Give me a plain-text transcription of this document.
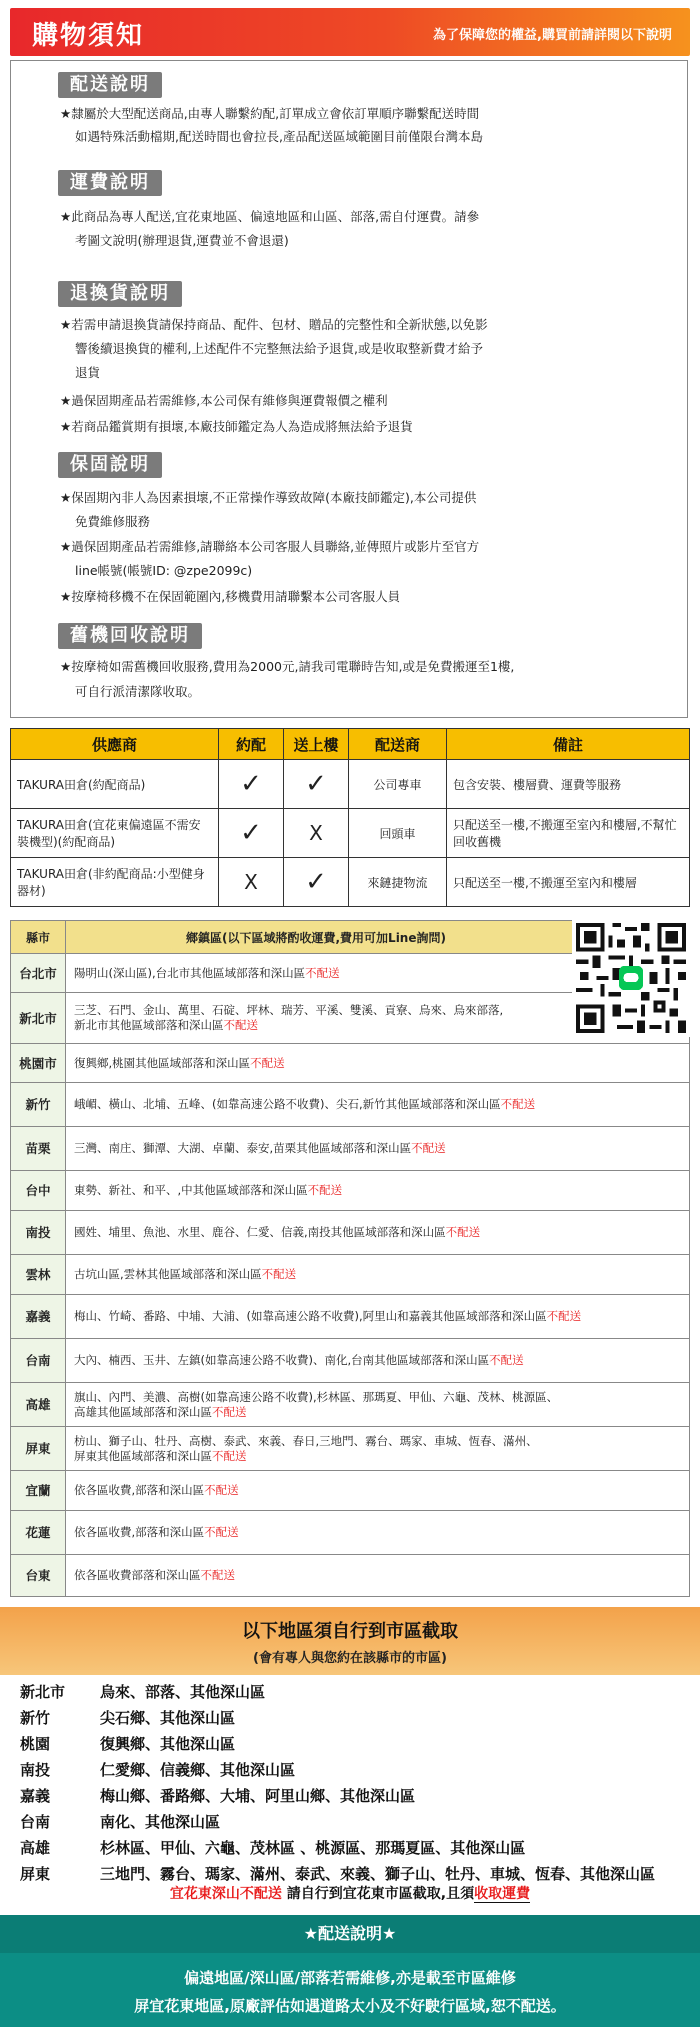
購物須知	為了保障您的權益,購買前請詳閱以下說明
配送說明
★隸屬於大型配送商品,由專人聯繫約配,訂單成立會依訂單順序聯繫配送時間
如遇特殊活動檔期,配送時間也會拉長,產品配送區域範圍目前僅限台灣本島
運費說明
★此商品為專人配送,宜花東地區、偏遠地區和山區、部落,需自付運費。請參
考圖文說明(辦理退貨,運費並不會退還)
退換貨說明
★若需申請退換貨請保持商品、配件、包材、贈品的完整性和全新狀態,以免影
響後續退換貨的權利,上述配件不完整無法給予退貨,或是收取整新費才給予
退貨
★過保固期產品若需維修,本公司保有維修與運費報價之權利
★若商品鑑賞期有損壞,本廠技師鑑定為人為造成將無法給予退貨
保固說明
★保固期內非人為因素損壞,不正常操作導致故障(本廠技師鑑定),本公司提供
免費維修服務
★過保固期產品若需維修,請聯絡本公司客服人員聯絡,並傳照片或影片至官方
line帳號(帳號ID: @zpe2099c)
★按摩椅移機不在保固範圍內,移機費用請聯繫本公司客服人員
舊機回收說明
★按摩椅如需舊機回收服務,費用為2000元,請我司電聯時告知,或是免費搬運至1樓,
可自行派清潔隊收取。
供應商	約配	送上樓	配送商	備註
TAKURA田倉(約配商品)	✓	✓	公司專車	包含安裝、樓層費、運費等服務
TAKURA田倉(宜花東偏遠區不需安裝機型)(約配商品)	✓	X	回頭車	只配送至一樓,不搬運至室內和樓層,不幫忙回收舊機
TAKURA田倉(非約配商品:小型健身器材)	X	✓	來鏈捷物流	只配送至一樓,不搬運至室內和樓層
縣市	鄉鎮區(以下區域將酌收運費,費用可加Line詢問)
台北市	陽明山(深山區),台北市其他區域部落和深山區不配送
新北市	三芝、石門、金山、萬里、石碇、坪林、瑞芳、平溪、雙溪、貢寮、烏來、烏來部落,
新北市其他區域部落和深山區不配送
桃園市	復興鄉,桃園其他區域部落和深山區不配送
新竹	峨嵋、橫山、北埔、五峰、(如靠高速公路不收費)、尖石,新竹其他區域部落和深山區不配送
苗栗	三灣、南庄、獅潭、大湖、卓蘭、泰安,苗栗其他區域部落和深山區不配送
台中	東勢、新社、和平、,中其他區域部落和深山區不配送
南投	國姓、埔里、魚池、水里、鹿谷、仁愛、信義,南投其他區域部落和深山區不配送
雲林	古坑山區,雲林其他區域部落和深山區不配送
嘉義	梅山、竹崎、番路、中埔、大浦、(如靠高速公路不收費),阿里山和嘉義其他區域部落和深山區不配送
台南	大內、楠西、玉井、左鎮(如靠高速公路不收費)、南化,台南其他區域部落和深山區不配送
高雄	旗山、內門、美濃、高樹(如靠高速公路不收費),杉林區、那瑪夏、甲仙、六龜、茂林、桃源區、
高雄其他區域部落和深山區不配送
屏東	枋山、獅子山、牡丹、高樹、泰武、來義、春日,三地門、霧台、瑪家、車城、恆春、滿州、
屏東其他區域部落和深山區不配送
宜蘭	依各區收費,部落和深山區不配送
花蓮	依各區收費,部落和深山區不配送
台東	依各區收費部落和深山區不配送
以下地區須自行到市區截取
(會有專人與您約在該縣市的市區)
新北市 烏來、部落、其他深山區
新竹	尖石鄉、其他深山區
桃園	復興鄉、其他深山區
南投	仁愛鄉、信義鄉、其他深山區
嘉義	梅山鄉、番路鄉、大埔、阿里山鄉、其他深山區
台南	南化、其他深山區
高雄	杉林區、甲仙、六龜、茂林區 、桃源區、那瑪夏區、其他深山區
屏東	三地門、霧台、瑪家、滿州、泰武、來義、獅子山、牡丹、車城、恆春、其他深山區
宜花東深山不配送 請自行到宜花東市區截取,且須收取運費
★配送說明★
偏遠地區/深山區/部落若需維修,亦是載至市區維修
屏宜花東地區,原廠評估如遇道路太小及不好駛行區域,恕不配送。
